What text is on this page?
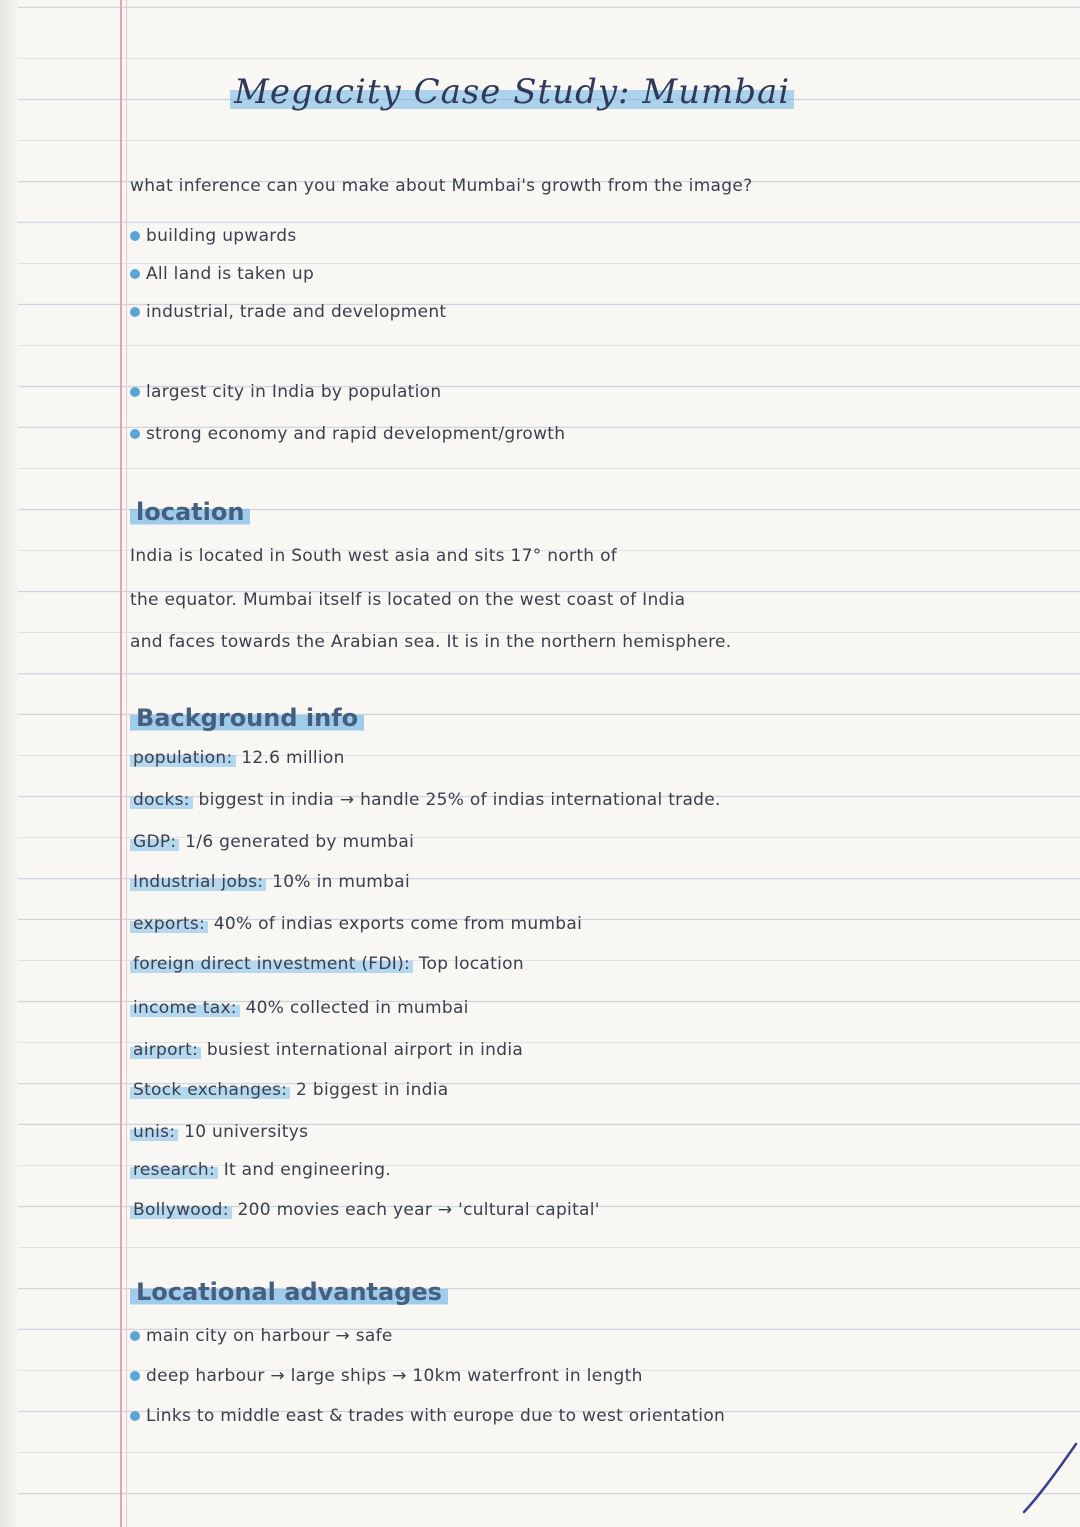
Megacity Case Study: Mumbai
what inference can you make about Mumbai's growth from the image?
building upwards
All land is taken up
industrial, trade and development
largest city in India by population
strong economy and rapid development/growth
location
India is located in South west asia and sits 17° north of
the equator. Mumbai itself is located on the west coast of India
and faces towards the Arabian sea. It is in the northern hemisphere.
Background info
population: 12.6 million
docks: biggest in india → handle 25% of indias international trade.
GDP: 1/6 generated by mumbai
Industrial jobs: 10% in mumbai
exports: 40% of indias exports come from mumbai
foreign direct investment (FDI): Top location
income tax: 40% collected in mumbai
airport: busiest international airport in india
Stock exchanges: 2 biggest in india
unis: 10 universitys
research: It and engineering.
Bollywood: 200 movies each year → 'cultural capital'
Locational advantages
main city on harbour → safe
deep harbour → large ships → 10km waterfront in length
Links to middle east & trades with europe due to west orientation
